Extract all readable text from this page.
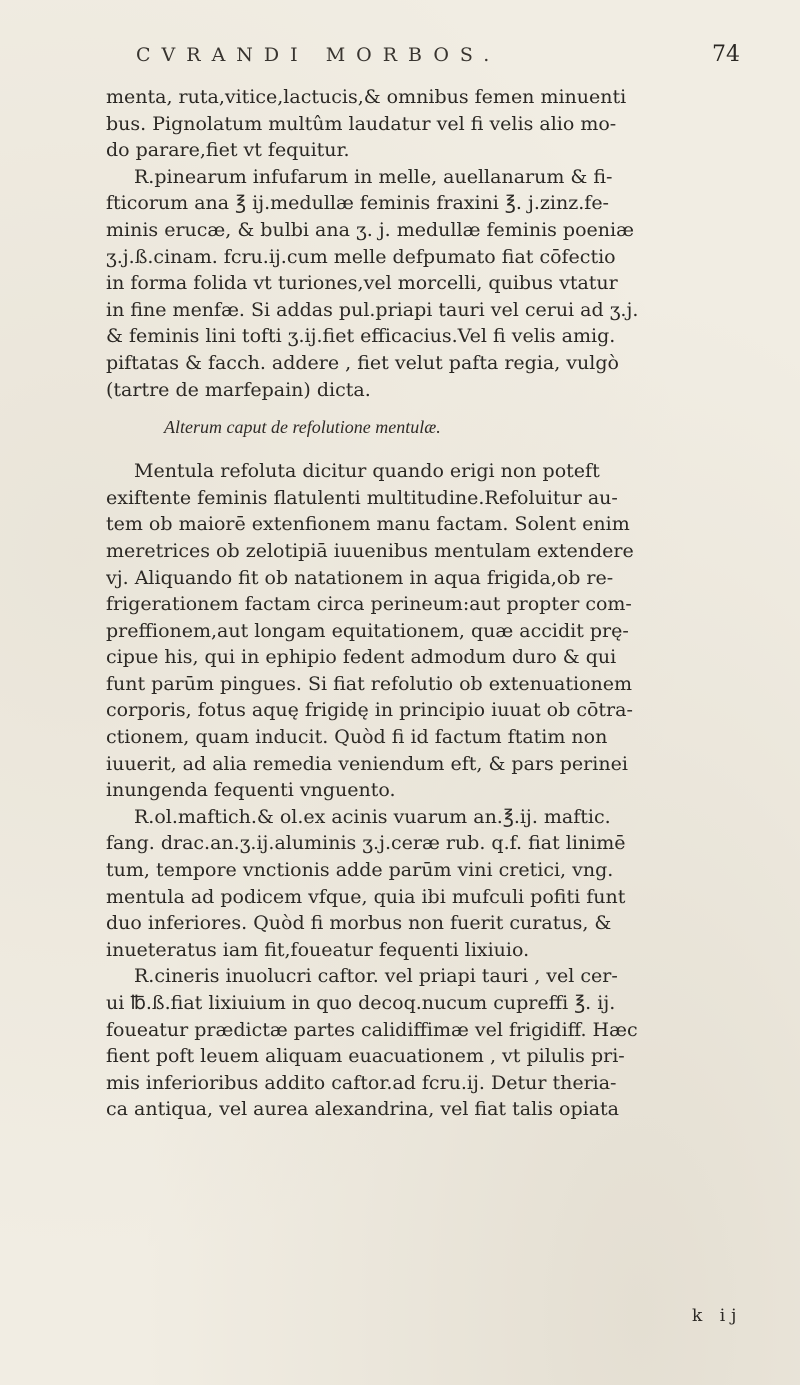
CVRANDI MORBOS.	74

menta, ruta,vitice,lactucis,& omnibus femen minuenti
bus. Pignolatum multûm laudatur vel fi velis alio mo-
do parare,fiet vt fequitur.

R.pinearum infufarum in melle, auellanarum & fi-
fticorum ana ℥ ij.medullæ feminis fraxini ℥. j.zinz.fe-
minis erucæ, & bulbi ana ʒ. j. medullæ feminis poeniæ
ʒ.j.ß.cinam. fcru.ij.cum melle defpumato fiat cōfectio
in forma folida vt turiones,vel morcelli, quibus vtatur
in fine menfæ. Si addas pul.priapi tauri vel cerui ad ʒ.j.
& feminis lini tofti ʒ.ij.fiet efficacius.Vel fi velis amig.
piftatas & facch. addere , fiet velut pafta regia, vulgò
(tartre de marfepain) dicta.

Alterum caput de refolutione mentulæ.

Mentula refoluta dicitur quando erigi non poteft
exiftente feminis flatulenti multitudine.Refoluitur au-
tem ob maiorē extenfionem manu factam. Solent enim
meretrices ob zelotipiā iuuenibus mentulam extendere
vj. Aliquando fit ob natationem in aqua frigida,ob re-
frigerationem factam circa perineum:aut propter com-
preffionem,aut longam equitationem, quæ accidit prę-
cipue his, qui in ephipio fedent admodum duro & qui
funt parūm pingues. Si fiat refolutio ob extenuationem
corporis, fotus aquę frigidę in principio iuuat ob cōtra-
ctionem, quam inducit. Quòd fi id factum ftatim non
iuuerit, ad alia remedia veniendum eft, & pars perinei
inungenda fequenti vnguento.

R.ol.maftich.& ol.ex acinis vuarum an.℥.ij. maftic.
fang. drac.an.ʒ.ij.aluminis ʒ.j.ceræ rub. q.f. fiat linimē
tum, tempore vnctionis adde parūm vini cretici, vng.
mentula ad podicem vfque, quia ibi mufculi pofiti funt
duo inferiores. Quòd fi morbus non fuerit curatus, &
inueteratus iam fit,foueatur fequenti lixiuio.

R.cineris inuolucri caftor. vel priapi tauri , vel cer-
ui ℔.ß.fiat lixiuium in quo decoq.nucum cupreffi ℥. ij.
foueatur prædictæ partes calidiffimæ vel frigidiff. Hæc
fient poft leuem aliquam euacuationem , vt pilulis pri-
mis inferioribus addito caftor.ad fcru.ij. Detur theria-
ca antiqua, vel aurea alexandrina, vel fiat talis opiata

k ij
